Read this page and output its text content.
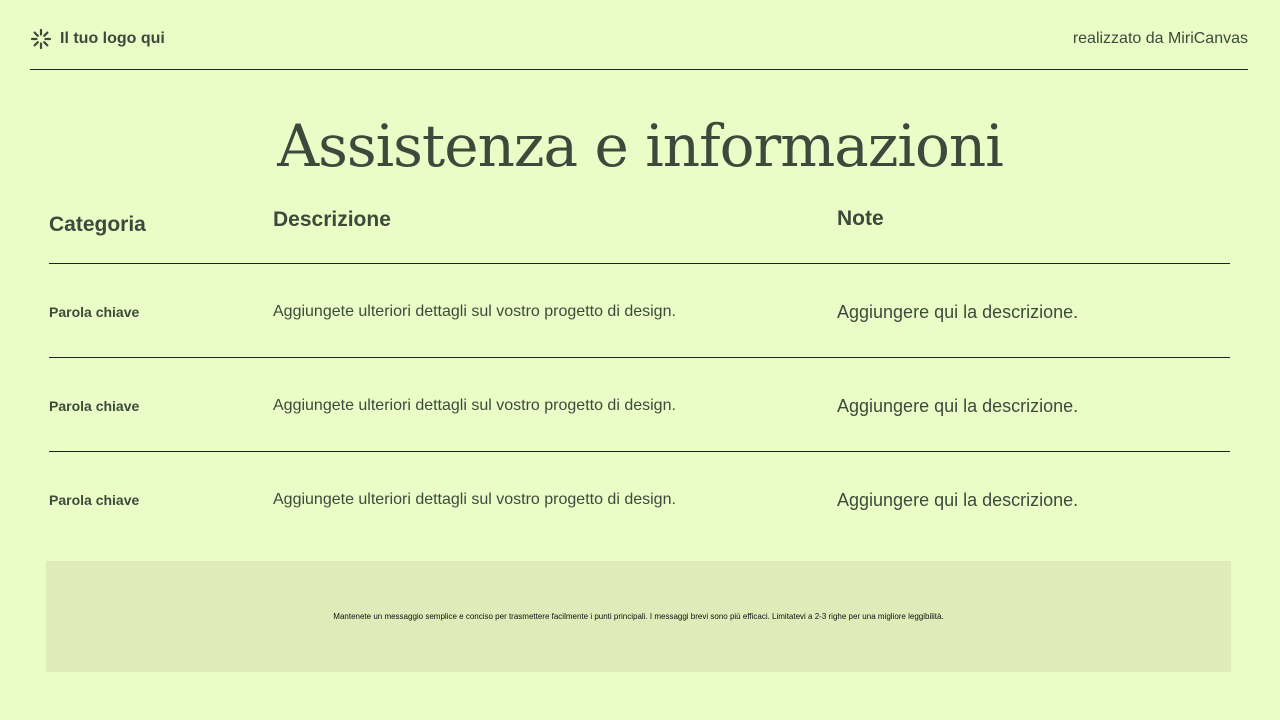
Il tuo logo qui	realizzato da MiriCanvas
Assistenza e informazioni
Categoria	Descrizione	Note
Parola chiave	Aggiungete ulteriori dettagli sul vostro progetto di design.	Aggiungere qui la descrizione.
Parola chiave	Aggiungete ulteriori dettagli sul vostro progetto di design.	Aggiungere qui la descrizione.
Parola chiave	Aggiungete ulteriori dettagli sul vostro progetto di design.	Aggiungere qui la descrizione.
Mantenete un messaggio semplice e conciso per trasmettere facilmente i punti principali. I messaggi brevi sono più efficaci. Limitatevi a 2-3 righe per una migliore leggibilità.
